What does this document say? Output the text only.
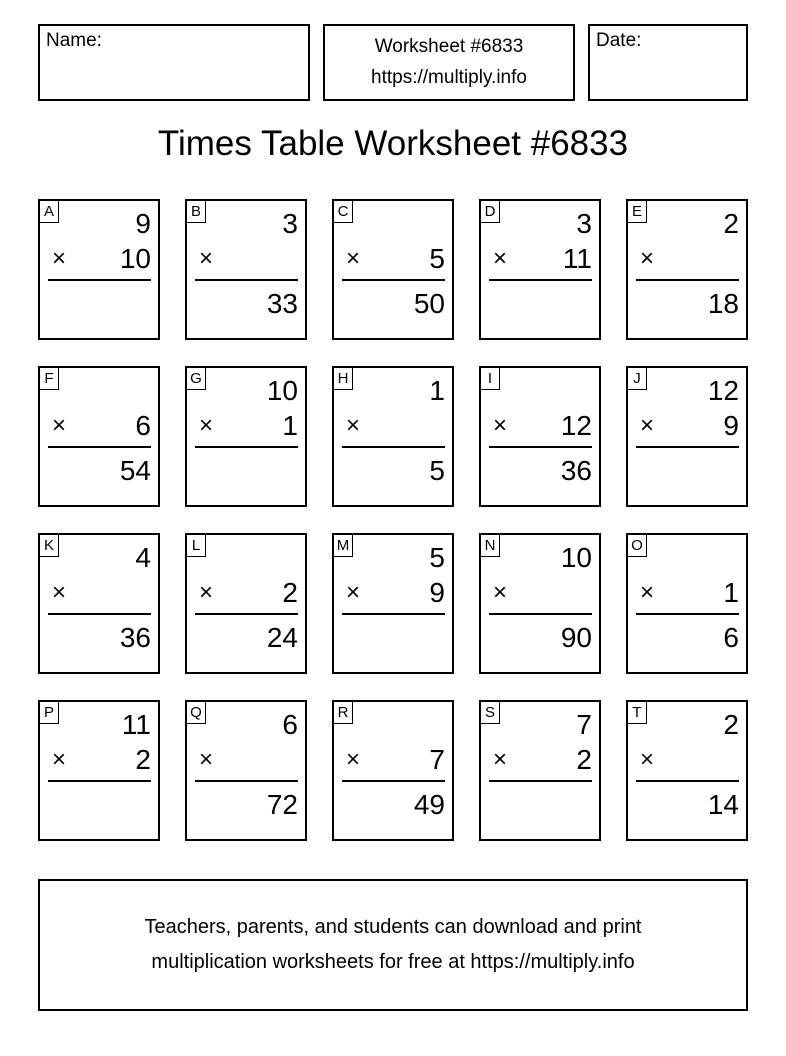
Name:	Worksheet #6833
https://multiply.info
Date:
Times Table Worksheet #6833
A	9
× 10
B	3
×
33
C
× 5
50
D	3
× 11
E	2
×
18
F
× 6
54
G 10
× 1
H	1
×
5
I
× 12
36
J 12
× 9
K	4
×
36
L
× 2
24
M	5
× 9
N 10
×
90
O
× 1
6
P 11
× 2
Q	6
×
72
R
× 7
49
S	7
× 2
T	2
×
14
Teachers, parents, and students can download and print
multiplication worksheets for free at https://multiply.info
